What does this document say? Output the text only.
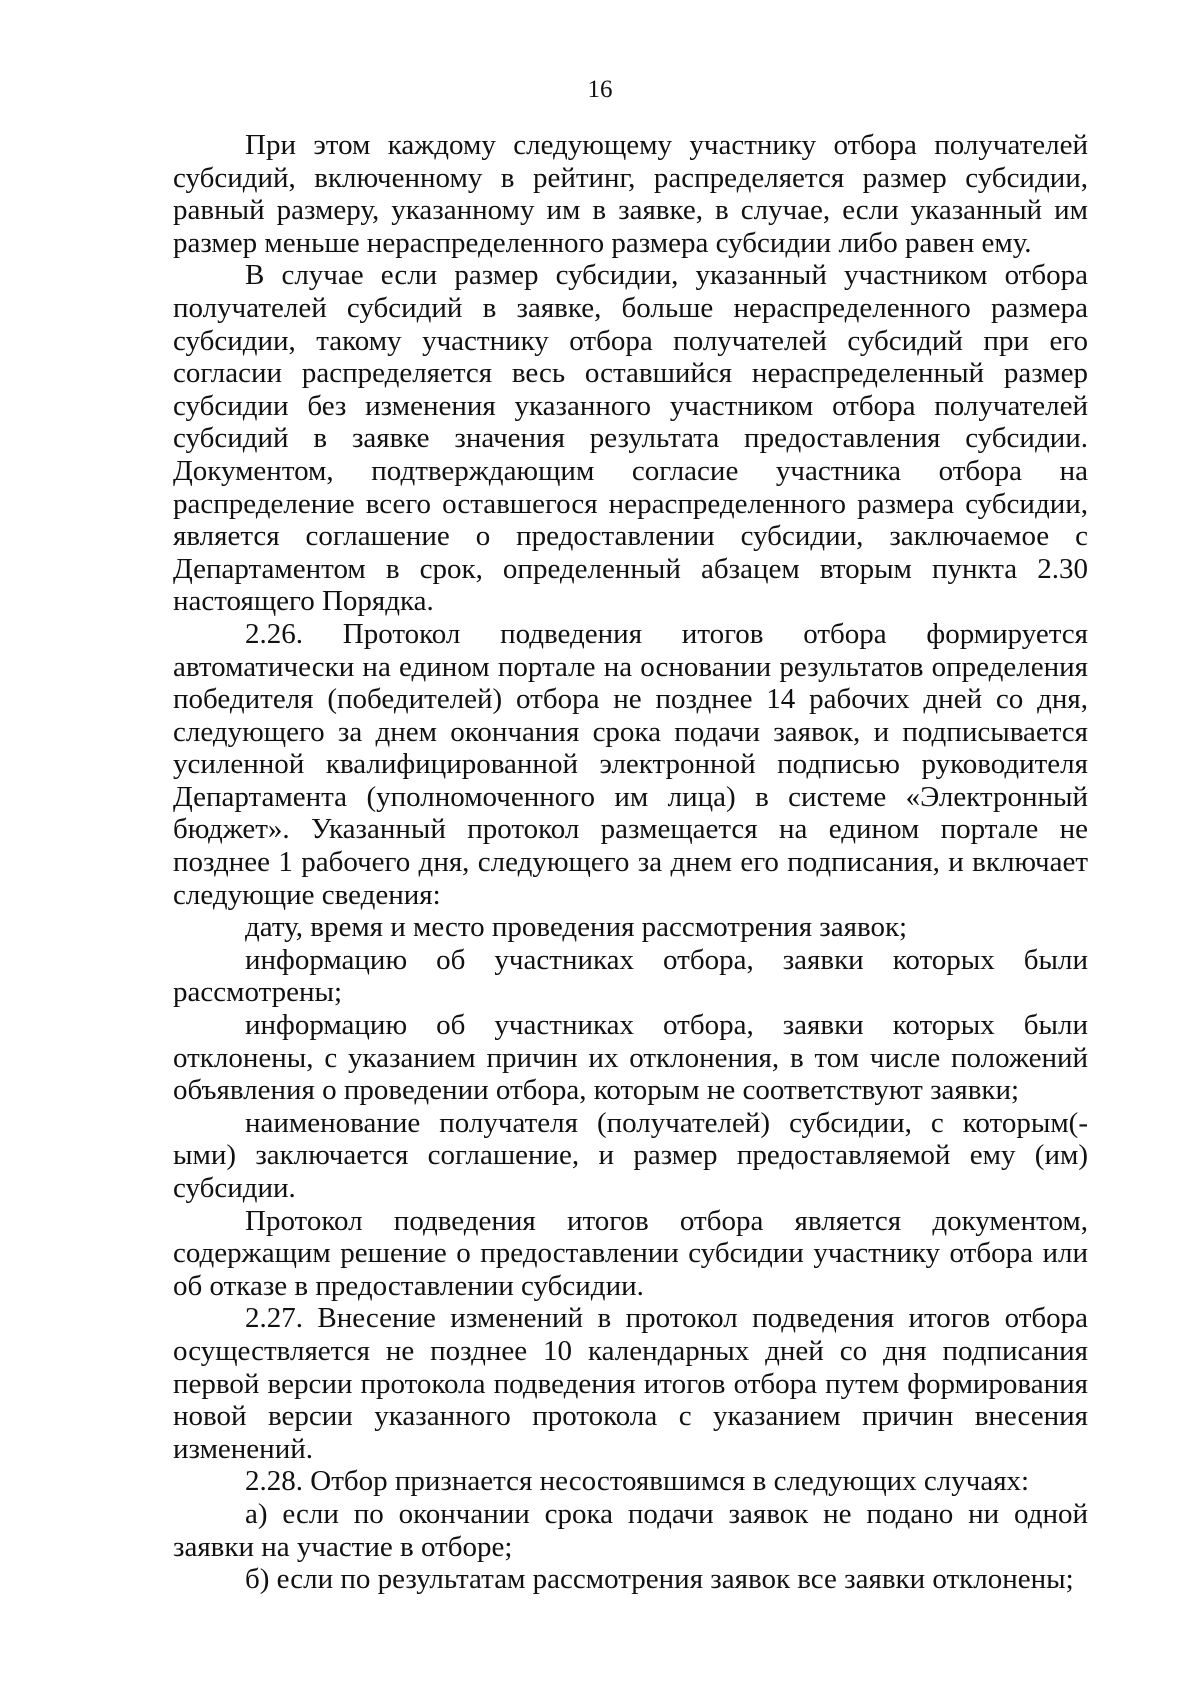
16

При этом каждому следующему участнику отбора получателей субсидий, включенному в рейтинг, распределяется размер субсидии, равный размеру, указанному им в заявке, в случае, если указанный им размер меньше нераспределенного размера субсидии либо равен ему.

В случае если размер субсидии, указанный участником отбора получателей субсидий в заявке, больше нераспределенного размера субсидии, такому участнику отбора получателей субсидий при его согласии распределяется весь оставшийся нераспределенный размер субсидии без изменения указанного участником отбора получателей субсидий в заявке значения результата предоставления субсидии. Документом, подтверждающим согласие участника отбора на распределение всего оставшегося нераспределенного размера субсидии, является соглашение о предоставлении субсидии, заключаемое с Департаментом в срок, определенный абзацем вторым пункта 2.30 настоящего Порядка.

2.26. Протокол подведения итогов отбора формируется автоматически на едином портале на основании результатов определения победителя (победителей) отбора не позднее 14 рабочих дней со дня, следующего за днем окончания срока подачи заявок, и подписывается усиленной квалифицированной электронной подписью руководителя Департамента (уполномоченного им лица) в системе «Электронный бюджет». Указанный протокол размещается на едином портале не позднее 1 рабочего дня, следующего за днем его подписания, и включает следующие сведения:

дату, время и место проведения рассмотрения заявок;

информацию об участниках отбора, заявки которых были рассмотрены;

информацию об участниках отбора, заявки которых были отклонены, с указанием причин их отклонения, в том числе положений объявления о проведении отбора, которым не соответствуют заявки;

наименование получателя (получателей) субсидии, с которым(-ыми) заключается соглашение, и размер предоставляемой ему (им) субсидии.

Протокол подведения итогов отбора является документом, содержащим решение о предоставлении субсидии участнику отбора или об отказе в предоставлении субсидии.

2.27. Внесение изменений в протокол подведения итогов отбора осуществляется не позднее 10 календарных дней со дня подписания первой версии протокола подведения итогов отбора путем формирования новой версии указанного протокола с указанием причин внесения изменений.

2.28. Отбор признается несостоявшимся в следующих случаях:

а) если по окончании срока подачи заявок не подано ни одной заявки на участие в отборе;

б) если по результатам рассмотрения заявок все заявки отклонены;
